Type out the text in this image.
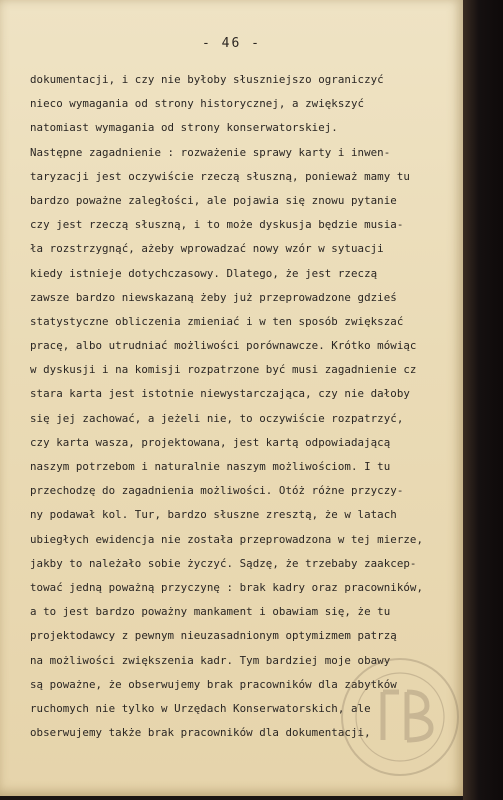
- 46 -
dokumentacji, i czy nie byłoby słuszniejszo ograniczyć
nieco wymagania od strony historycznej, a zwiększyć
natomiast wymagania od strony konserwatorskiej.
Następne zagadnienie : rozważenie sprawy karty i inwen-
taryzacji jest oczywiście rzeczą słuszną, ponieważ mamy tu
bardzo poważne zaległości, ale pojawia się znowu pytanie
czy jest rzeczą słuszną, i to może dyskusja będzie musia-
ła rozstrzygnąć, ażeby wprowadzać nowy wzór w sytuacji
kiedy istnieje dotychczasowy. Dlatego, że jest rzeczą
zawsze bardzo niewskazaną żeby już przeprowadzone gdzieś
statystyczne obliczenia zmieniać i w ten sposób zwiększać
pracę, albo utrudniać możliwości porównawcze. Krótko mówiąc
w dyskusji i na komisji rozpatrzone być musi zagadnienie cz
stara karta jest istotnie niewystarczająca, czy nie dałoby
się jej zachować, a jeżeli nie, to oczywiście rozpatrzyć,
czy karta wasza, projektowana, jest kartą odpowiadającą
naszym potrzebom i naturalnie naszym możliwościom. I tu
przechodzę do zagadnienia możliwości. Otóż różne przyczy-
ny podawał kol. Tur, bardzo słuszne zresztą, że w latach
ubiegłych ewidencja nie została przeprowadzona w tej mierze,
jakby to należało sobie życzyć. Sądzę, że trzebaby zaakcep-
tować jedną poważną przyczynę : brak kadry oraz pracowników,
a to jest bardzo poważny mankament i obawiam się, że tu
projektodawcy z pewnym nieuzasadnionym optymizmem patrzą
na możliwości zwiększenia kadr. Tym bardziej moje obawy
są poważne, że obserwujemy brak pracowników dla zabytków
ruchomych nie tylko w Urzędach Konserwatorskich, ale
obserwujemy także brak pracowników dla dokumentacji,
